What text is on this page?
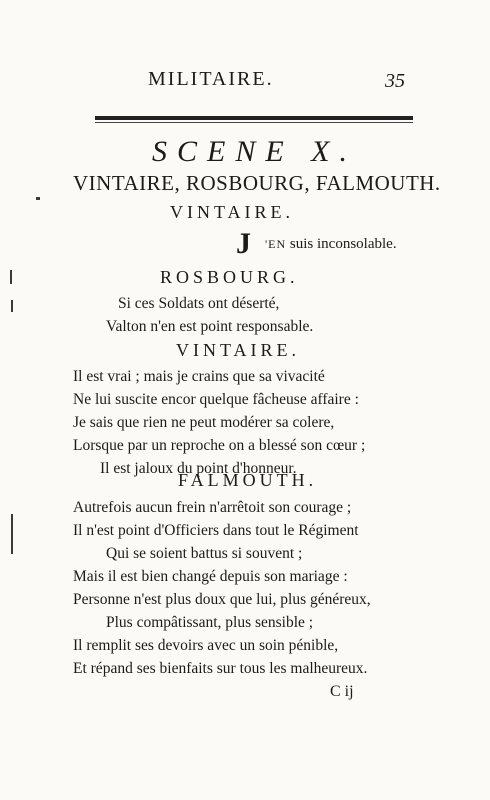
MILITAIRE.	35
SCENE X.
VINTAIRE, ROSBOURG, FALMOUTH.
VINTAIRE.
J 'EN suis inconsolable.
ROSBOURG.
Si ces Soldats ont déserté,
Valton n'en est point responsable.
VINTAIRE.
Il est vrai ; mais je crains que sa vivacité
Ne lui suscite encor quelque fâcheuse affaire :
Je sais que rien ne peut modérer sa colere,
Lorsque par un reproche on a blessé son cœur ;
Il est jaloux du point d'honneur.
FALMOUTH.
Autrefois aucun frein n'arrêtoit son courage ;
Il n'est point d'Officiers dans tout le Régiment
Qui se soient battus si souvent ;
Mais il est bien changé depuis son mariage :
Personne n'est plus doux que lui, plus généreux,
Plus compâtissant, plus sensible ;
Il remplit ses devoirs avec un soin pénible,
Et répand ses bienfaits sur tous les malheureux.
C ij
